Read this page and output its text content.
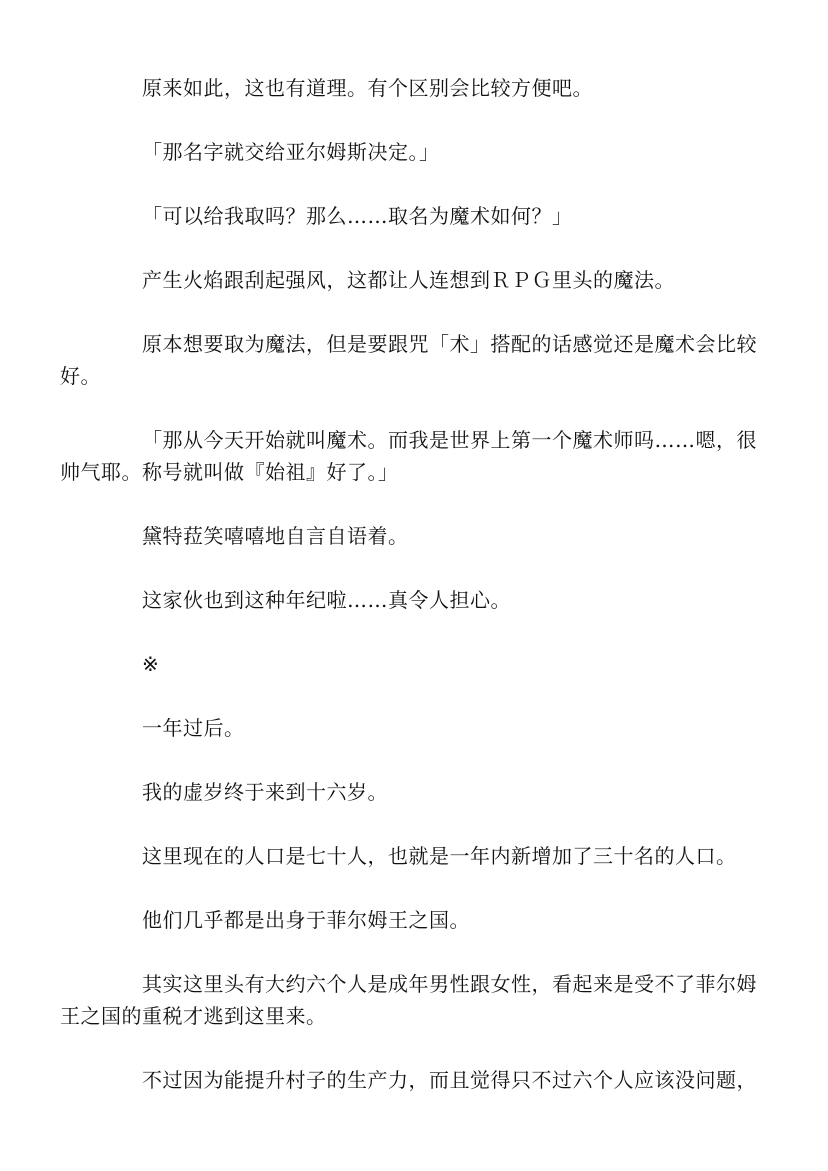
原来如此，这也有道理。有个区别会比较方便吧。

「那名字就交给亚尔姆斯决定。」

「可以给我取吗？那么……取名为魔术如何？」

产生火焰跟刮起强风，这都让人连想到ＲＰＧ里头的魔法。

原本想要取为魔法，但是要跟咒「术」搭配的话感觉还是魔术会比较好。

「那从今天开始就叫魔术。而我是世界上第一个魔术师吗……嗯，很帅气耶。称号就叫做『始祖』好了。」

黛特菈笑嘻嘻地自言自语着。

这家伙也到这种年纪啦……真令人担心。

※

一年过后。

我的虚岁终于来到十六岁。

这里现在的人口是七十人，也就是一年内新增加了三十名的人口。

他们几乎都是出身于菲尔姆王之国。

其实这里头有大约六个人是成年男性跟女性，看起来是受不了菲尔姆王之国的重税才逃到这里来。

不过因为能提升村子的生产力，而且觉得只不过六个人应该没问题，
